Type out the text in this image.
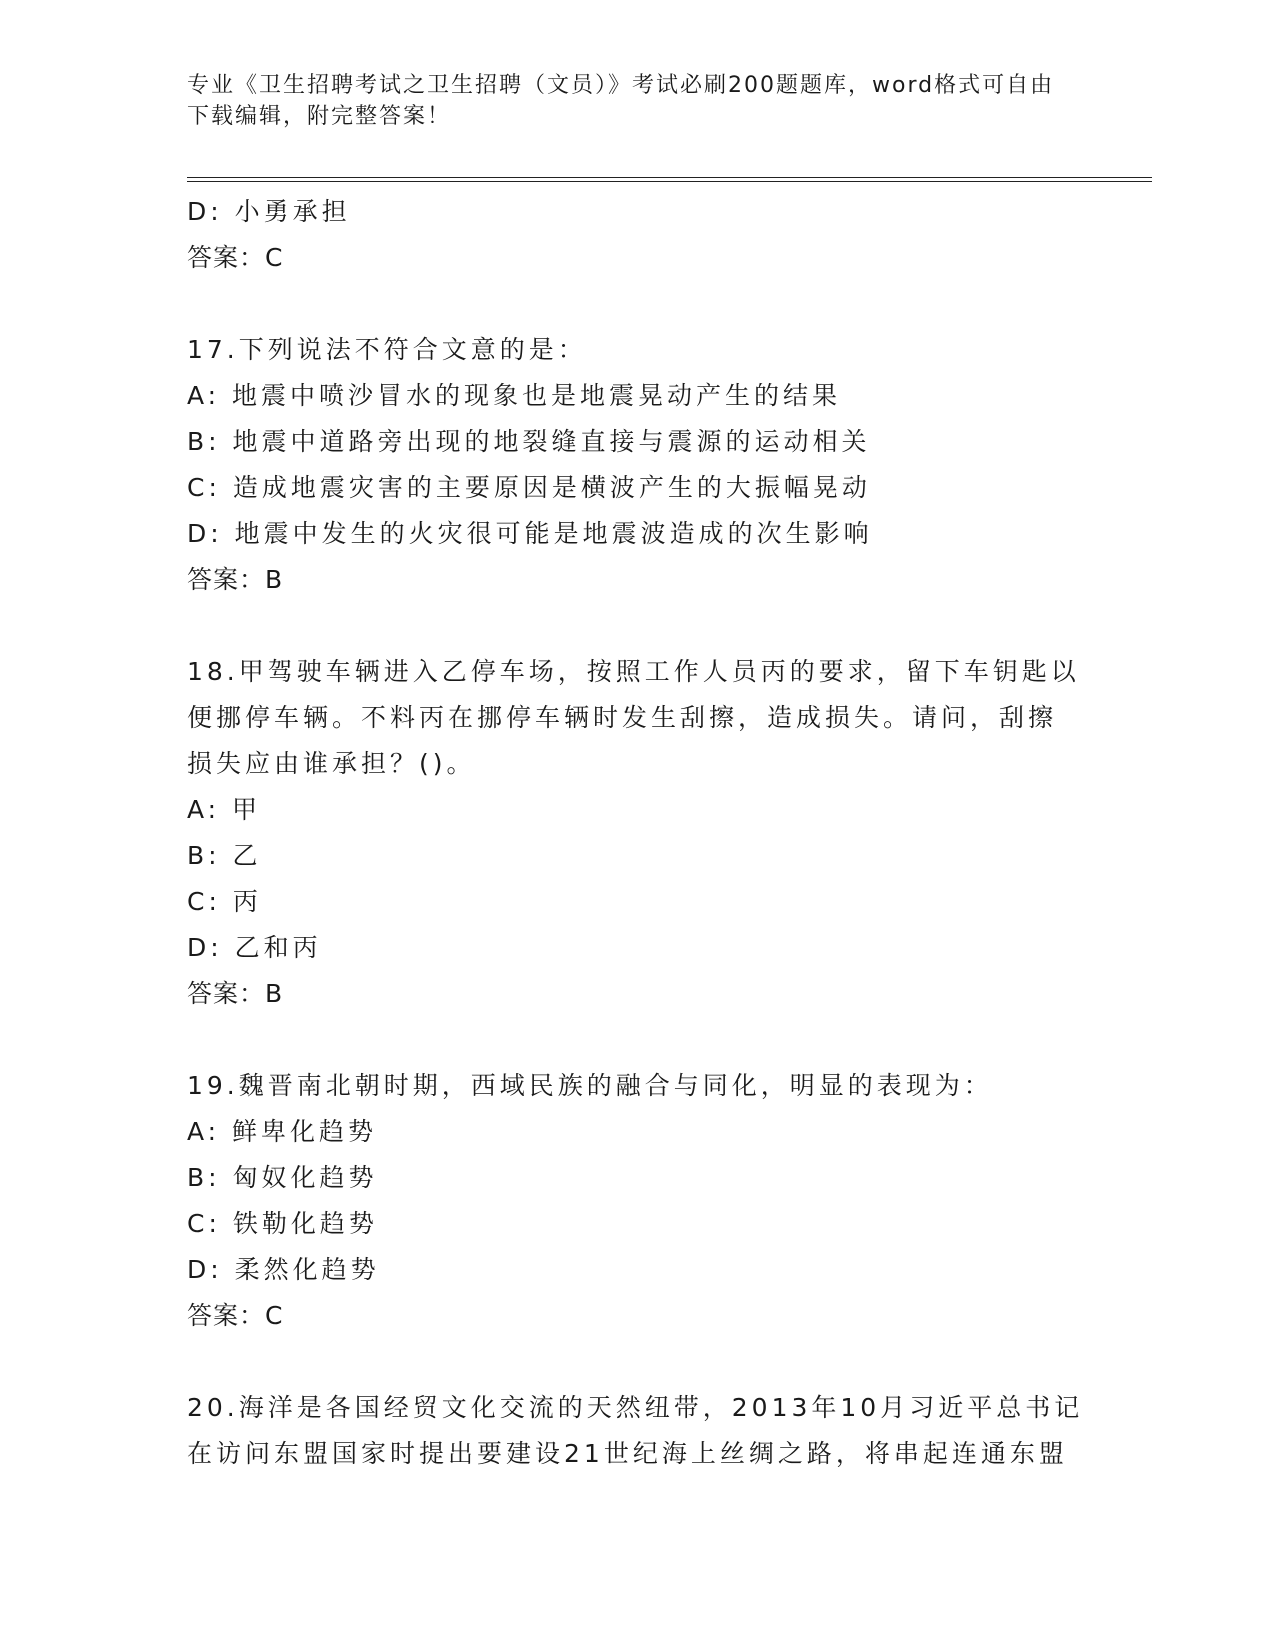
专业《卫生招聘考试之卫生招聘（文员）》考试必刷200题题库，word格式可自由下载编辑，附完整答案！
D: 小勇承担
答案：C
17.下列说法不符合文意的是：
A: 地震中喷沙冒水的现象也是地震晃动产生的结果
B: 地震中道路旁出现的地裂缝直接与震源的运动相关
C: 造成地震灾害的主要原因是横波产生的大振幅晃动
D: 地震中发生的火灾很可能是地震波造成的次生影响
答案：B
18.甲驾驶车辆进入乙停车场，按照工作人员丙的要求，留下车钥匙以
便挪停车辆。不料丙在挪停车辆时发生刮擦，造成损失。请问，刮擦
损失应由谁承担？()。
A: 甲
B: 乙
C: 丙
D: 乙和丙
答案：B
19.魏晋南北朝时期，西域民族的融合与同化，明显的表现为：
A: 鲜卑化趋势
B: 匈奴化趋势
C: 铁勒化趋势
D: 柔然化趋势
答案：C
20.海洋是各国经贸文化交流的天然纽带，2013年10月习近平总书记
在访问东盟国家时提出要建设21世纪海上丝绸之路，将串起连通东盟
